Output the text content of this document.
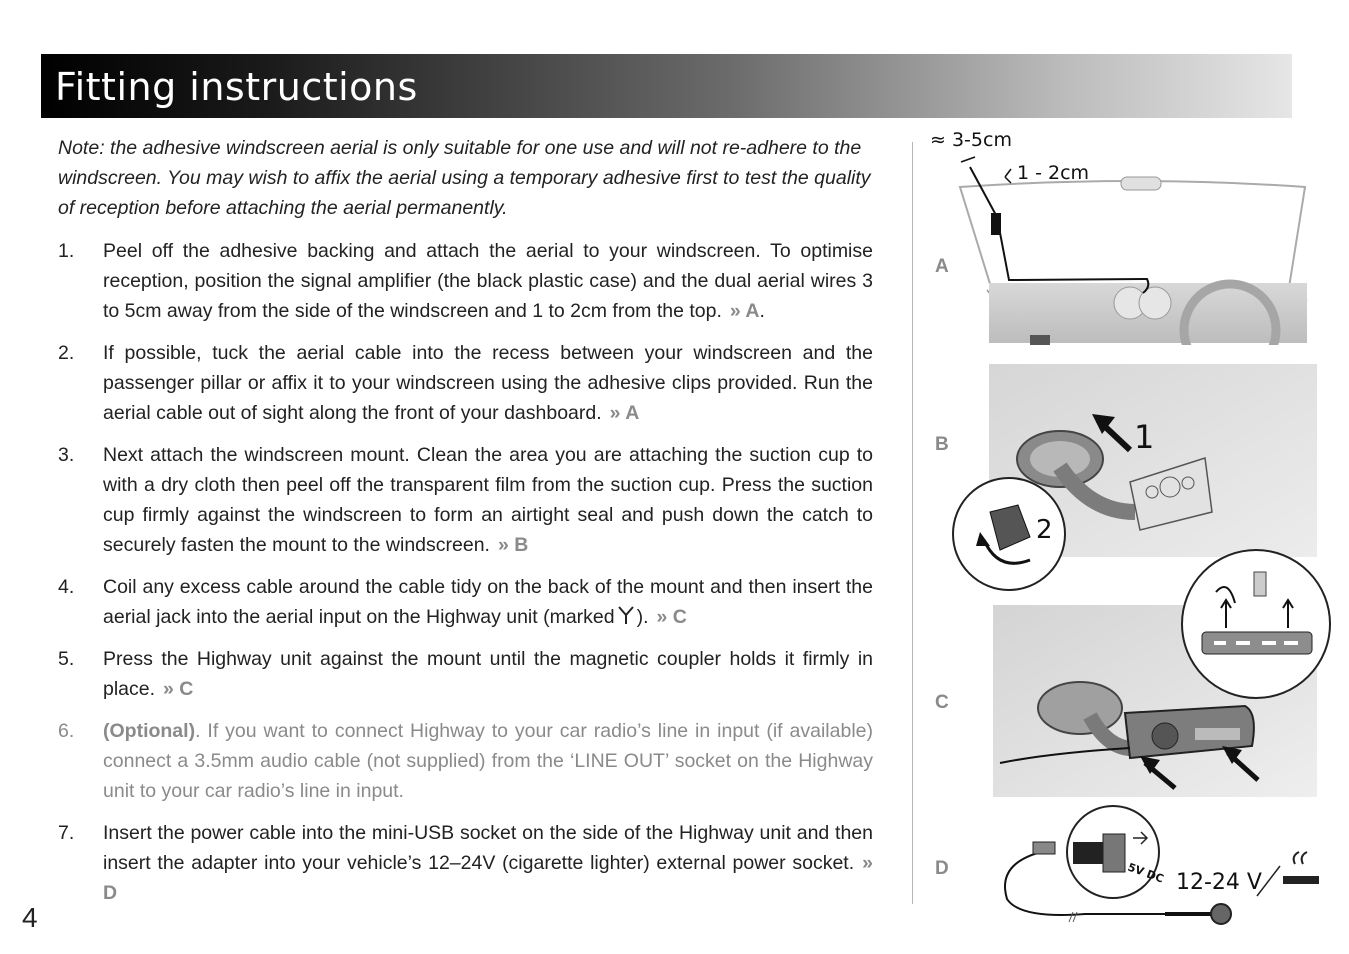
Fitting instructions
Note: the adhesive windscreen aerial is only suitable for one use and will not re-adhere to the windscreen. You may wish to affix the aerial using a temporary adhesive first to test the quality of reception before attaching the aerial permanently.
1.	Peel off the adhesive backing and attach the aerial to your windscreen. To optimise reception, position the signal amplifier (the black plastic case) and the dual aerial wires 3 to 5cm away from the side of the windscreen and 1 to 2cm from the top. » A.
2.	If possible, tuck the aerial cable into the recess between your windscreen and the passenger pillar or affix it to your windscreen using the adhesive clips provided. Run the aerial cable out of sight along the front of your dashboard. » A
3.	Next attach the windscreen mount. Clean the area you are attaching the suction cup to with a dry cloth then peel off the transparent film from the suction cup. Press the suction cup firmly against the windscreen to form an airtight seal and push down the catch to securely fasten the mount to the windscreen. » B
4.	Coil any excess cable around the cable tidy on the back of the mount and then insert the aerial jack into the aerial input on the Highway unit (marked ). » C
5.	Press the Highway unit against the mount until the magnetic coupler holds it firmly in place. » C
6.	(Optional). If you want to connect Highway to your car radio’s line in input (if available) connect a 3.5mm audio cable (not supplied) from the ‘LINE OUT’ socket on the Highway unit to your car radio’s line in input.
7.	Insert the power cable into the mini-USB socket on the side of the Highway unit and then insert the adapter into your vehicle’s 12–24V (cigarette lighter) external power socket. » D
4
A
B
C
D
≈ 3-5cm
1 - 2cm
1
2
5V DC 12-24 V
